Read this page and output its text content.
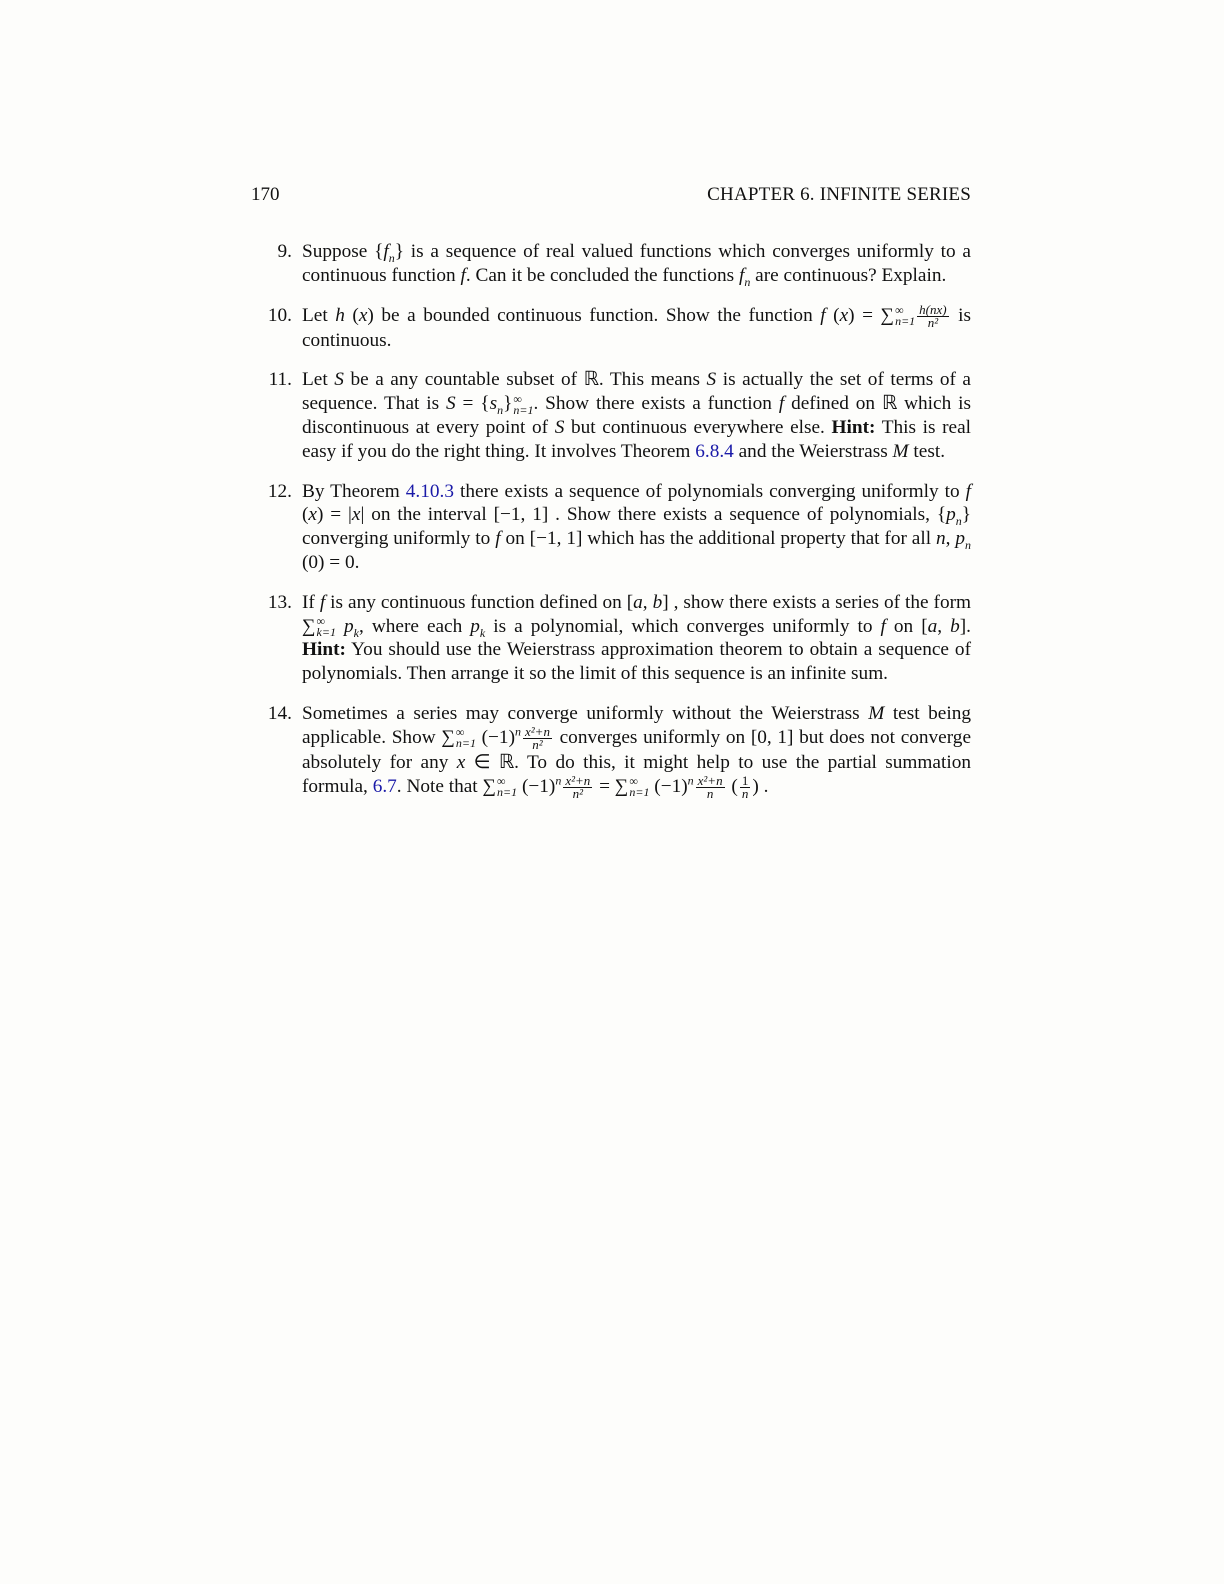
170	CHAPTER 6. INFINITE SERIES
9. Suppose $\{f_n\}$ is a sequence of real valued functions which converges uniformly to a continuous function f. Can it be concluded the functions $f_n$ are continuous? Explain.
10. Let h (x) be a bounded continuous function. Show the function f (x) = ∑ ∞
$n=1 \frac{h(nx)}{\text{n²}}$ is continuous.
11. Let S be a any countable subset of ℝ. This means S is actually the set of terms of a sequence. That is $S = \{s_n\}$ ∞
n=1. Show there exists a function f defined on ℝ which is discontinuous at every point of S but continuous everywhere else. Hint: This is real easy if you do the right thing. It involves Theorem 6.8.4 and the Weierstrass M test.
12. By Theorem 4.10.3 there exists a sequence of polynomials converging uniformly to f (x) = |x| on the interval [−1, 1] . Show there exists a sequence of polynomials, $\{p_n\}$ converging uniformly to f on [−1, 1] which has the additional property that for all n, $p_n$ (0) = 0.
13. If f is any continuous function defined on [a, b] , show there exists a series of the form ∑ ∞
k=1 $p_k$, where each $p_k$ is a polynomial, which converges uniformly to f on [a, b]. Hint: You should use the Weierstrass approximation theorem to obtain a sequence of polynomials. Then arrange it so the limit of this sequence is an infinite sum.
14. Sometimes a series may converge uniformly without the Weierstrass M test being applicable. Show ∑ ∞
n=1 $(-1)^n \frac{\text{x²+n}}{\text{n²}}$ converges uniformly on [0, 1] but does not converge absolutely for any x ∈ ℝ. To do this, it might help to use the partial summation formula, 6.7. Note that ∑ ∞
n=1 $(-1)^n \frac{\text{x²+n}}{\text{n²}}$ = ∑ ∞
n=1 $(-1)^n \frac{\text{x²+n}}{n}$ ( $\frac{1}{n}$ ) .
